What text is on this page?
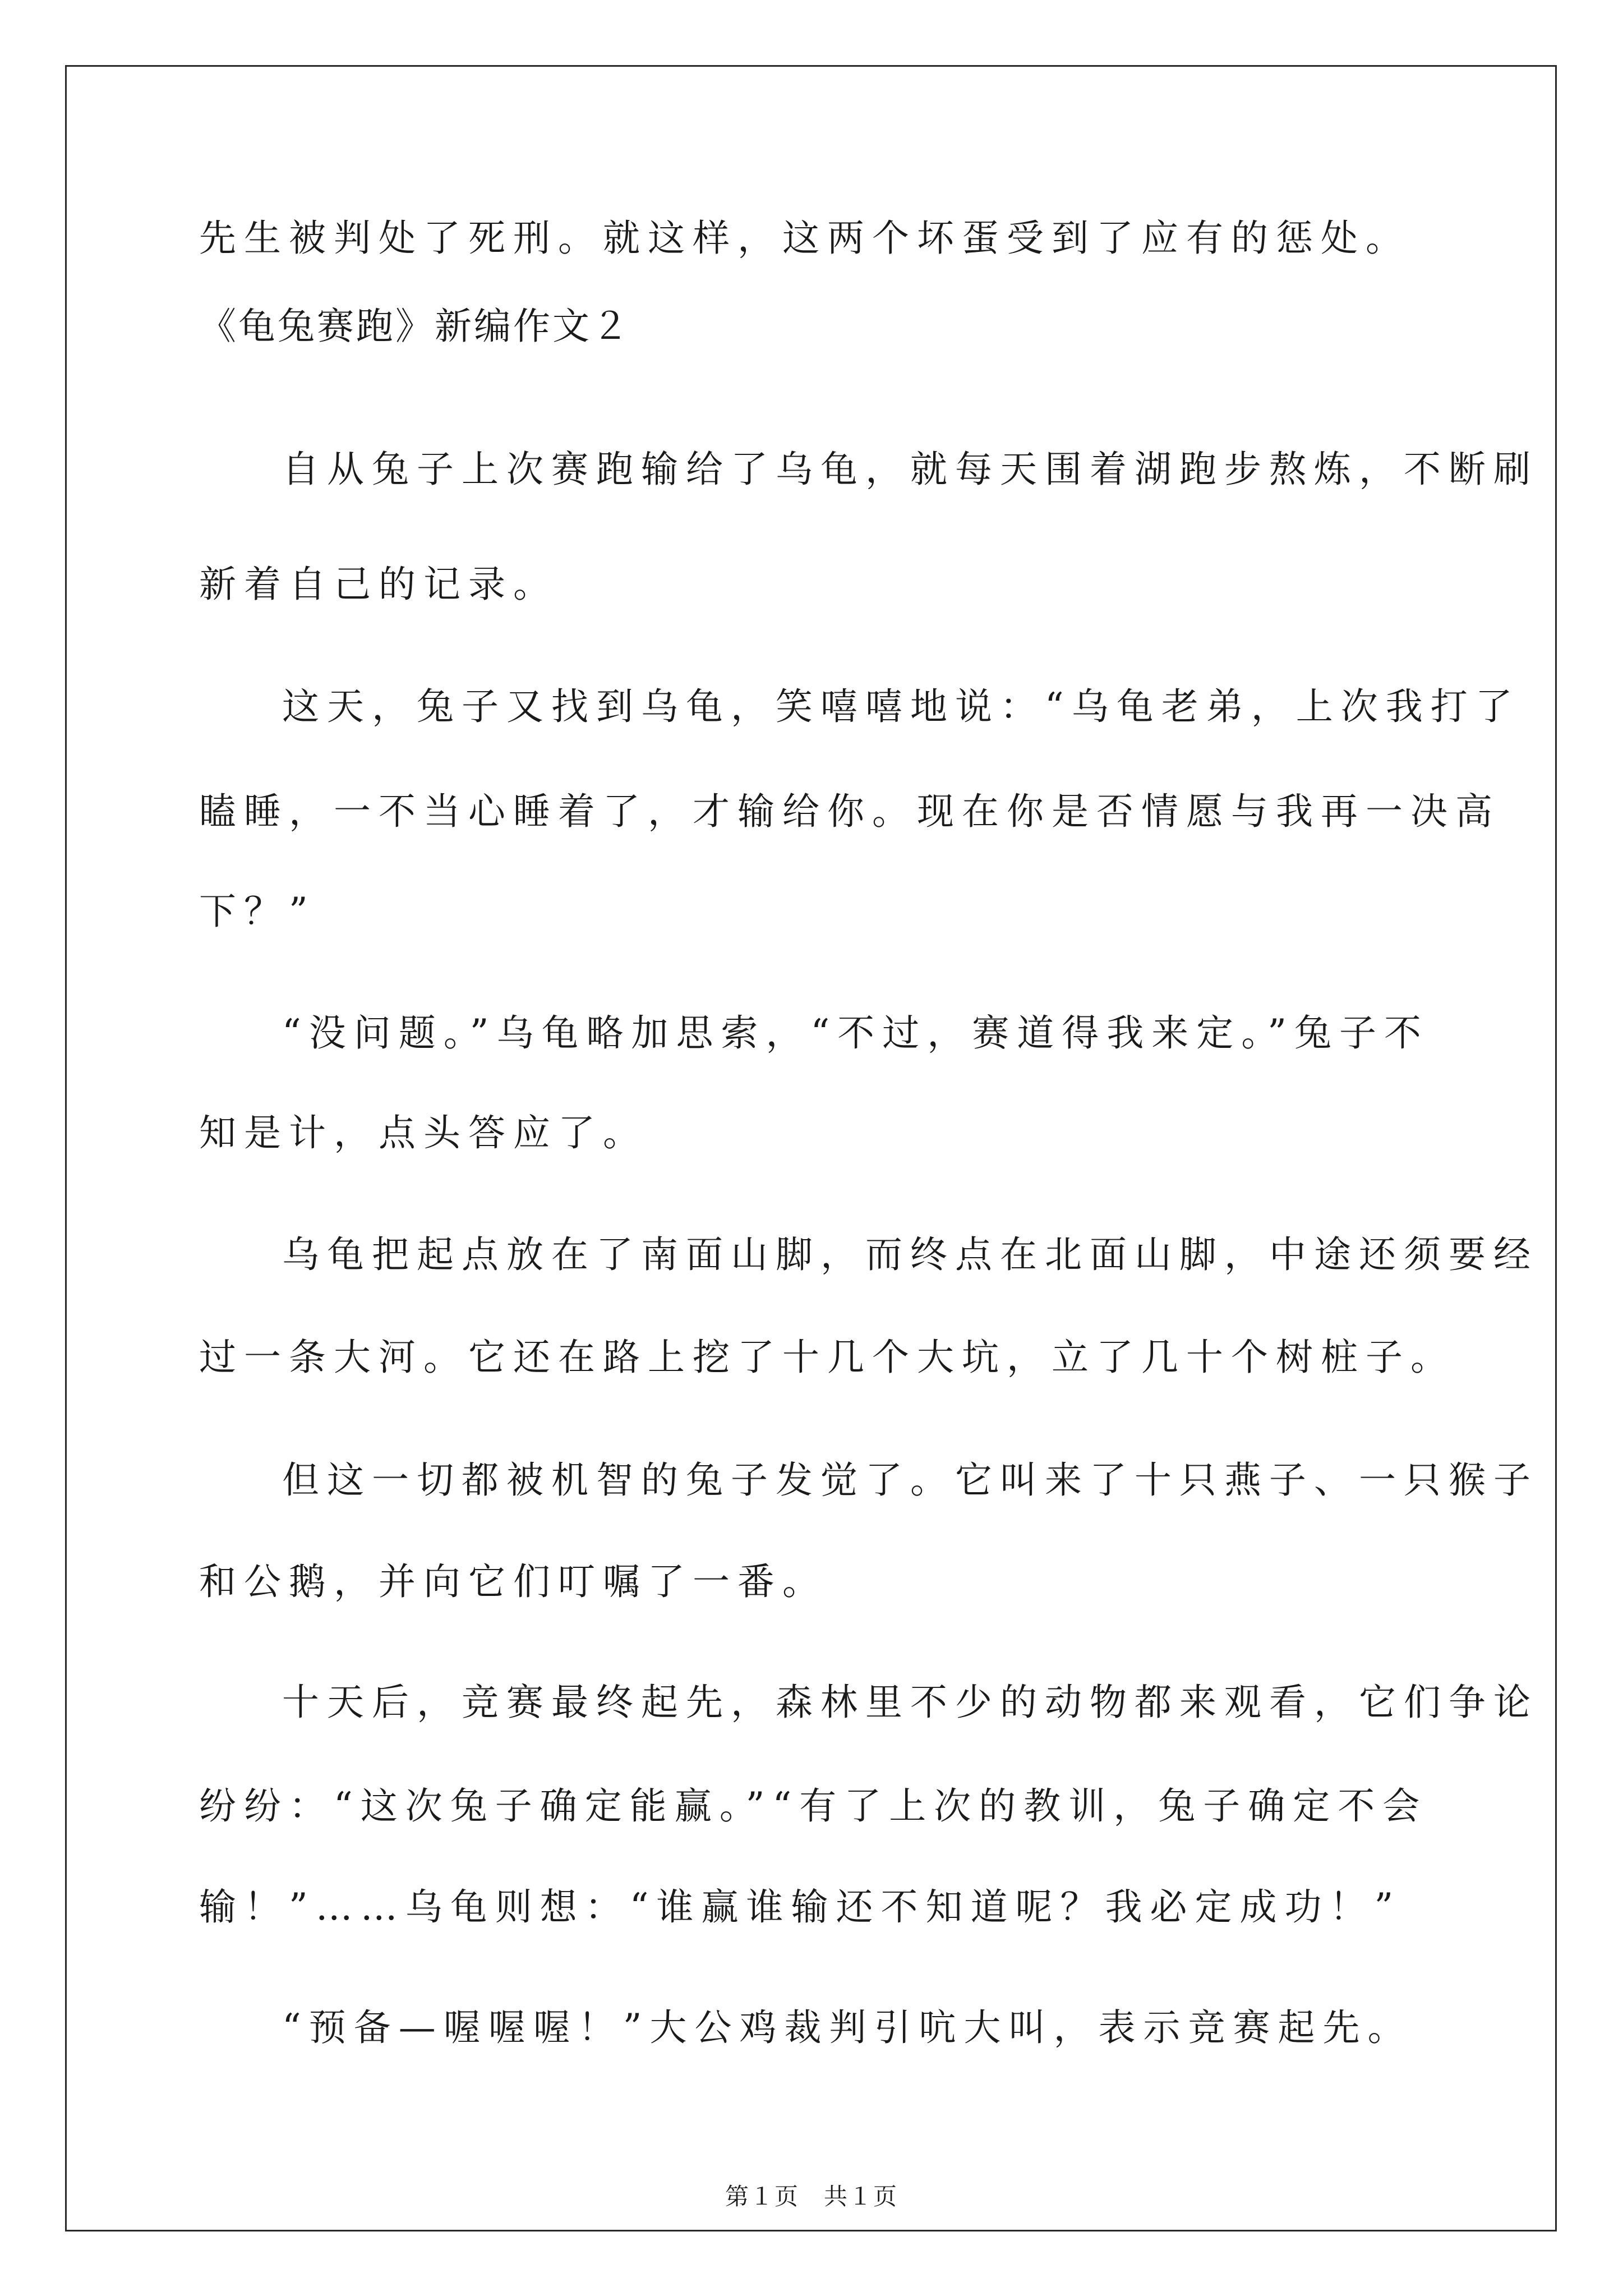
先生被判处了死刑。就这样，这两个坏蛋受到了应有的惩处。
《龟兔赛跑》新编作文２
自从兔子上次赛跑输给了乌龟，就每天围着湖跑步熬炼，不断刷
新着自己的记录。
这天，兔子又找到乌龟，笑嘻嘻地说：“乌龟老弟，上次我打了
瞌睡，一不当心睡着了，才输给你。现在你是否情愿与我再一决高
下？”
“没问题。”乌龟略加思索，“不过，赛道得我来定。”兔子不
知是计，点头答应了。
乌龟把起点放在了南面山脚，而终点在北面山脚，中途还须要经
过一条大河。它还在路上挖了十几个大坑，立了几十个树桩子。
但这一切都被机智的兔子发觉了。它叫来了十只燕子、一只猴子
和公鹅，并向它们叮嘱了一番。
十天后，竞赛最终起先，森林里不少的动物都来观看，它们争论
纷纷：“这次兔子确定能赢。”“有了上次的教训，兔子确定不会
输！”……乌龟则想：“谁赢谁输还不知道呢？我必定成功！”
“预备—喔喔喔！”大公鸡裁判引吭大叫，表示竞赛起先。
第１页 共１页
